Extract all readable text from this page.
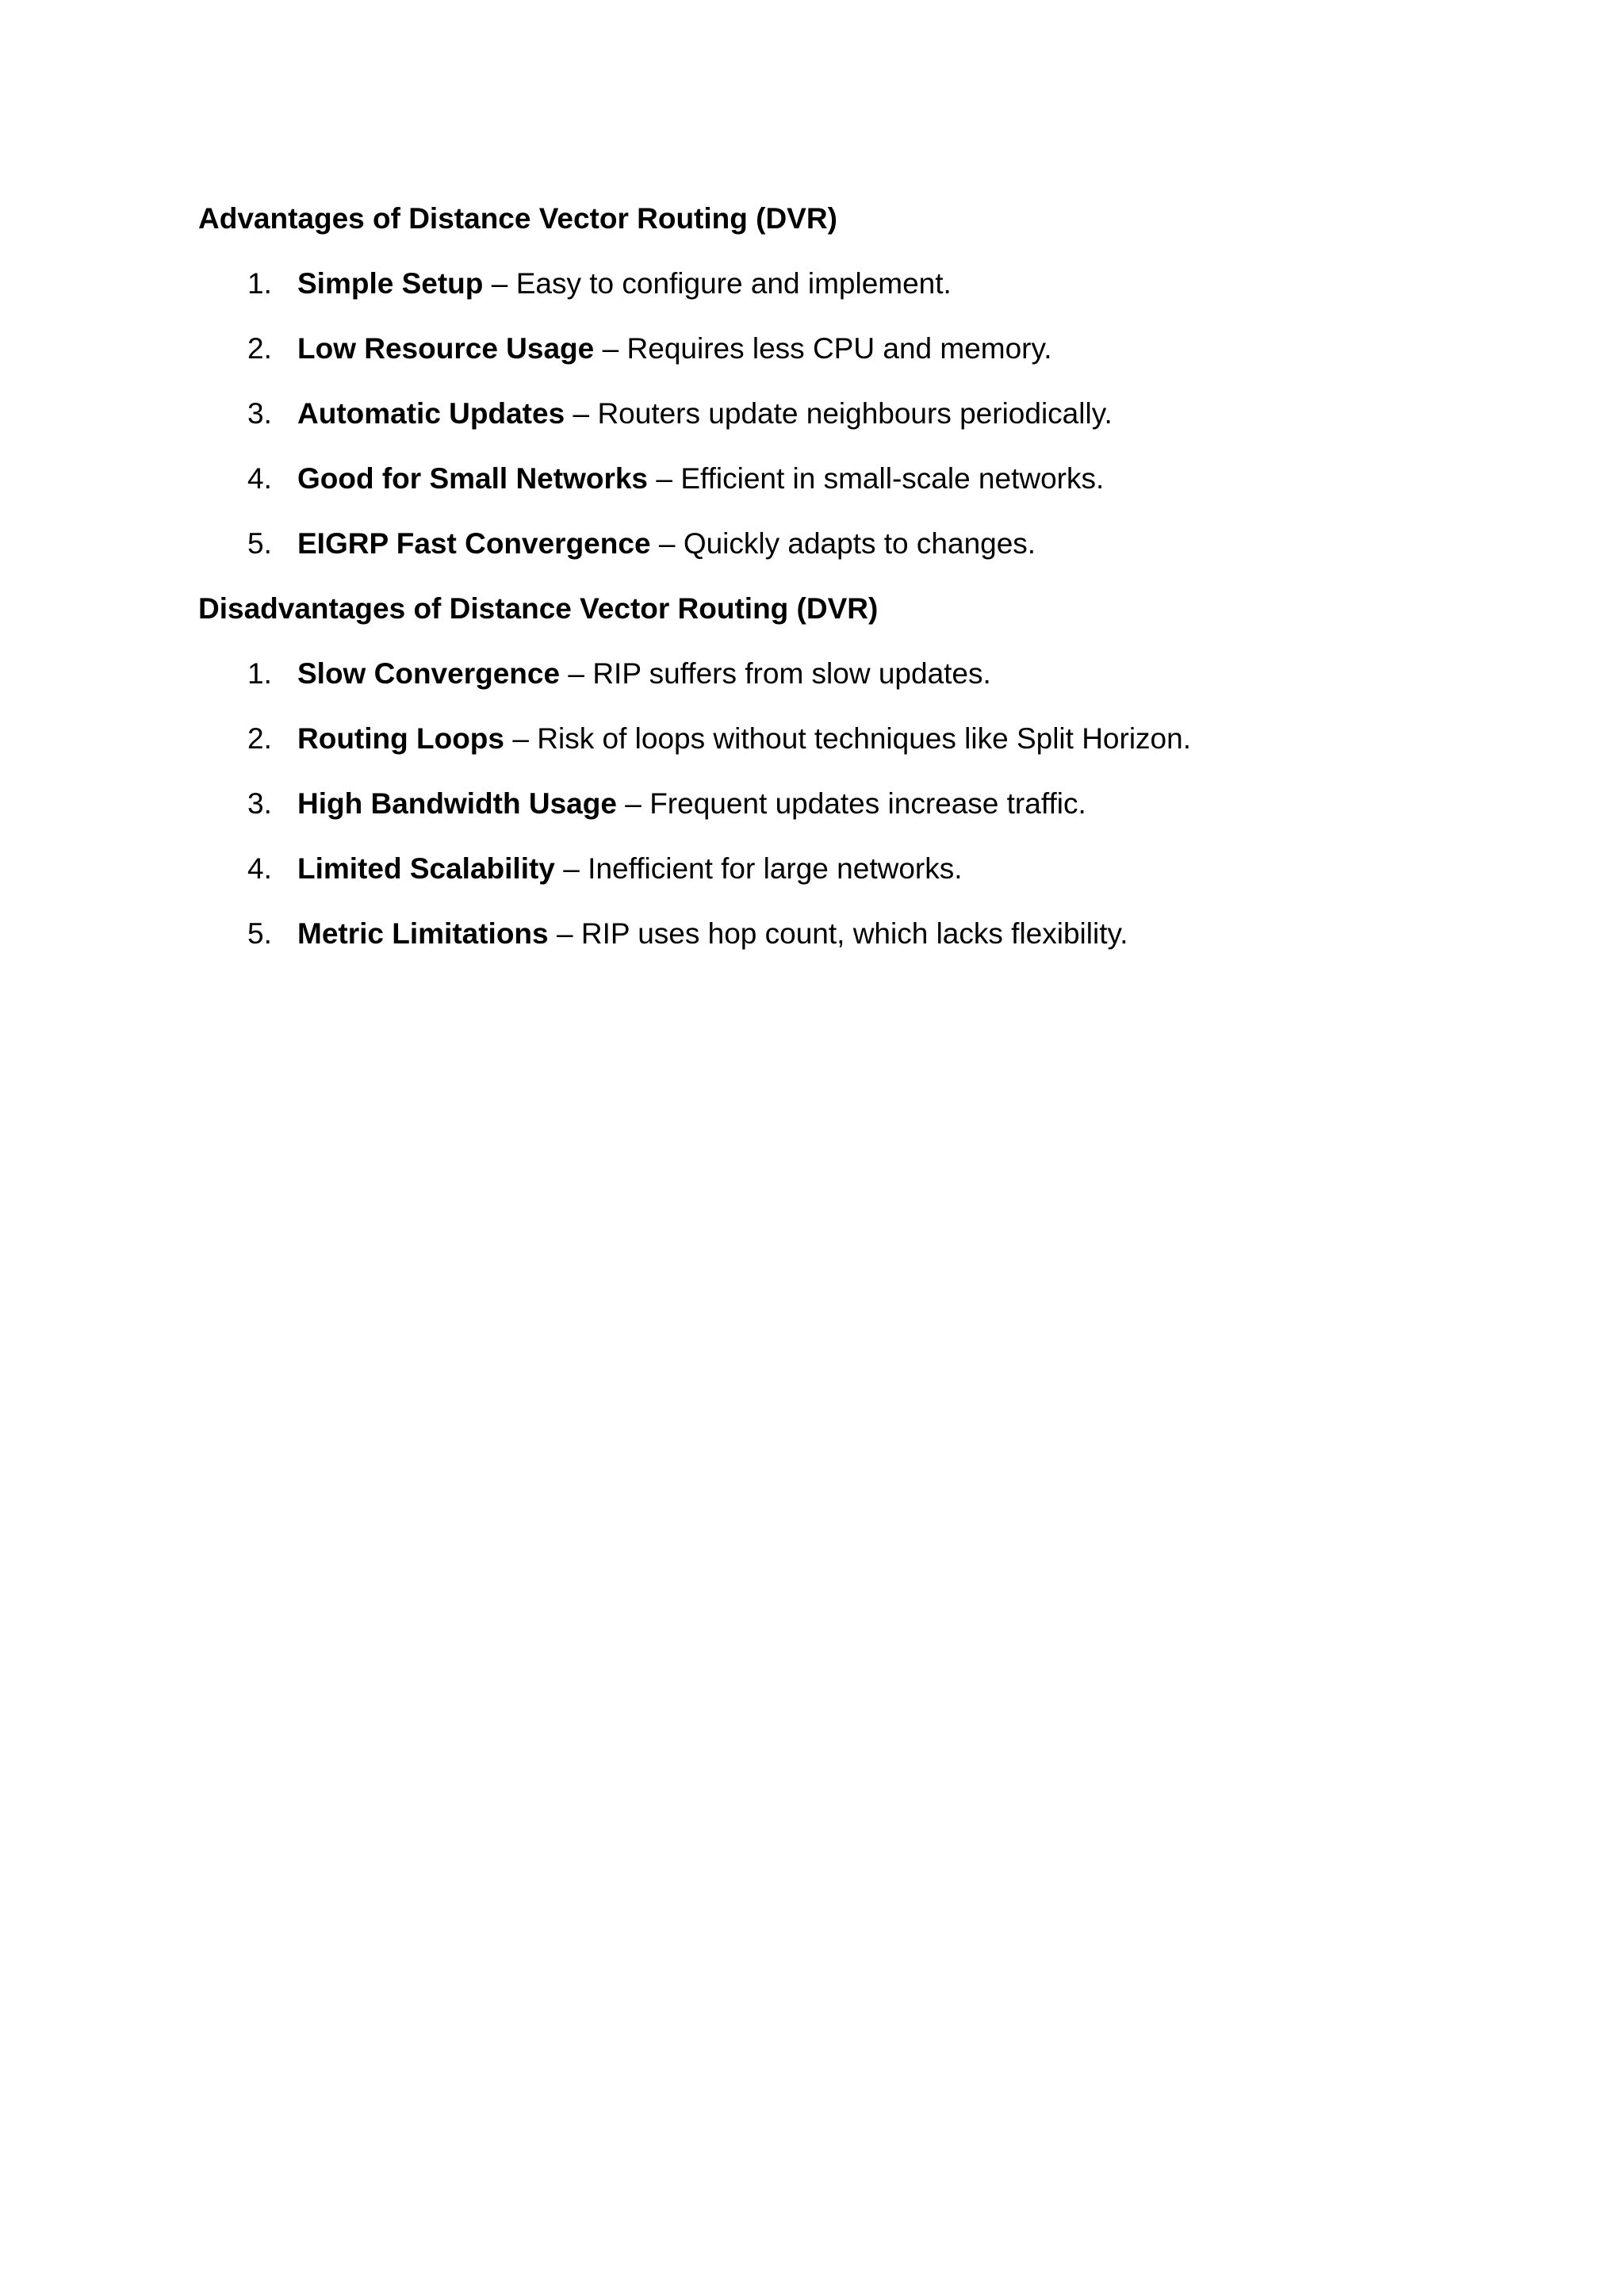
Advantages of Distance Vector Routing (DVR)
1. Simple Setup – Easy to configure and implement.
2. Low Resource Usage – Requires less CPU and memory.
3. Automatic Updates – Routers update neighbours periodically.
4. Good for Small Networks – Efficient in small-scale networks.
5. EIGRP Fast Convergence – Quickly adapts to changes.
Disadvantages of Distance Vector Routing (DVR)
1. Slow Convergence – RIP suffers from slow updates.
2. Routing Loops – Risk of loops without techniques like Split Horizon.
3. High Bandwidth Usage – Frequent updates increase traffic.
4. Limited Scalability – Inefficient for large networks.
5. Metric Limitations – RIP uses hop count, which lacks flexibility.
